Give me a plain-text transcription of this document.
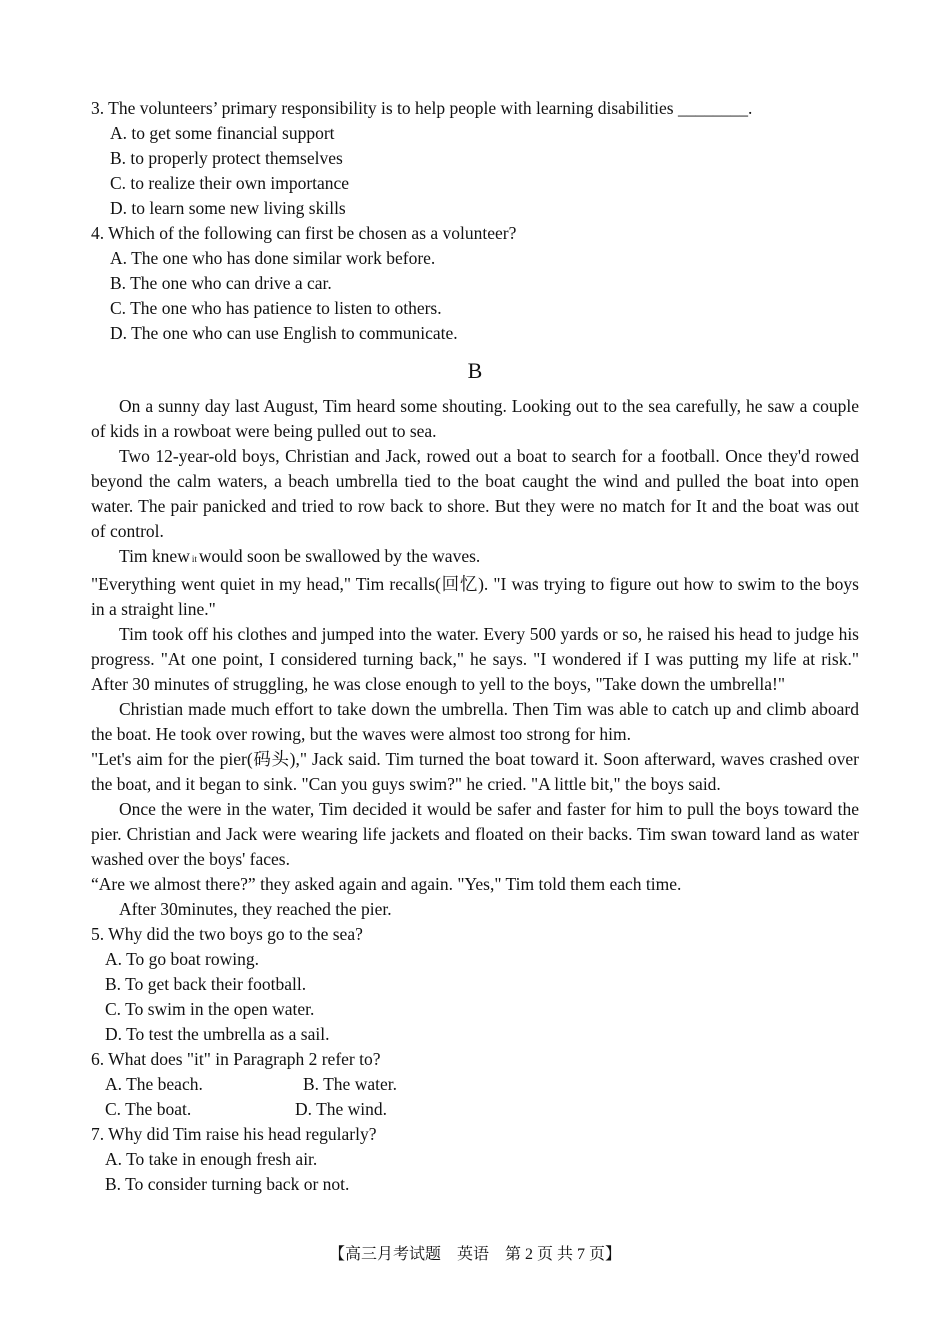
3. The volunteers’ primary responsibility is to help people with learning disabilities ________.
A. to get some financial support
B. to properly protect themselves
C. to realize their own importance
D. to learn some new living skills
4. Which of the following can first be chosen as a volunteer?
A. The one who has done similar work before.
B. The one who can drive a car.
C. The one who has patience to listen to others.
D. The one who can use English to communicate.
B
On a sunny day last August, Tim heard some shouting. Looking out to the sea carefully, he saw a couple of kids in a rowboat were being pulled out to sea.
Two 12-year-old boys, Christian and Jack, rowed out a boat to search for a football. Once they'd rowed beyond the calm waters, a beach umbrella tied to the boat caught the wind and pulled the boat into open water. The pair panicked and tried to row back to shore. But they were no match for It and the boat was out of control.
Tim knew it would soon be swallowed by the waves.
"Everything went quiet in my head," Tim recalls(回忆). "I was trying to figure out how to swim to the boys in a straight line."
Tim took off his clothes and jumped into the water. Every 500 yards or so, he raised his head to judge his progress. "At one point, I considered turning back," he says. "I wondered if I was putting my life at risk." After 30 minutes of struggling, he was close enough to yell to the boys, "Take down the umbrella!"
Christian made much effort to take down the umbrella. Then Tim was able to catch up and climb aboard the boat. He took over rowing, but the waves were almost too strong for him.
"Let's aim for the pier(码头)," Jack said. Tim turned the boat toward it. Soon afterward, waves crashed over the boat, and it began to sink. "Can you guys swim?" he cried. "A little bit," the boys said.
Once the were in the water, Tim decided it would be safer and faster for him to pull the boys toward the pier. Christian and Jack were wearing life jackets and floated on their backs. Tim swan toward land as water washed over the boys' faces.
“Are we almost there?” they asked again and again. "Yes," Tim told them each time.
After 30minutes, they reached the pier.
5. Why did the two boys go to the sea?
A. To go boat rowing.
B. To get back their football.
C. To swim in the open water.
D. To test the umbrella as a sail.
6. What does "it" in Paragraph 2 refer to?
A. The beach.	B. The water.
C. The boat.	D. The wind.
7. Why did Tim raise his head regularly?
A. To take in enough fresh air.
B. To consider turning back or not.
【高三月考试题    英语    第 2 页 共 7 页】
